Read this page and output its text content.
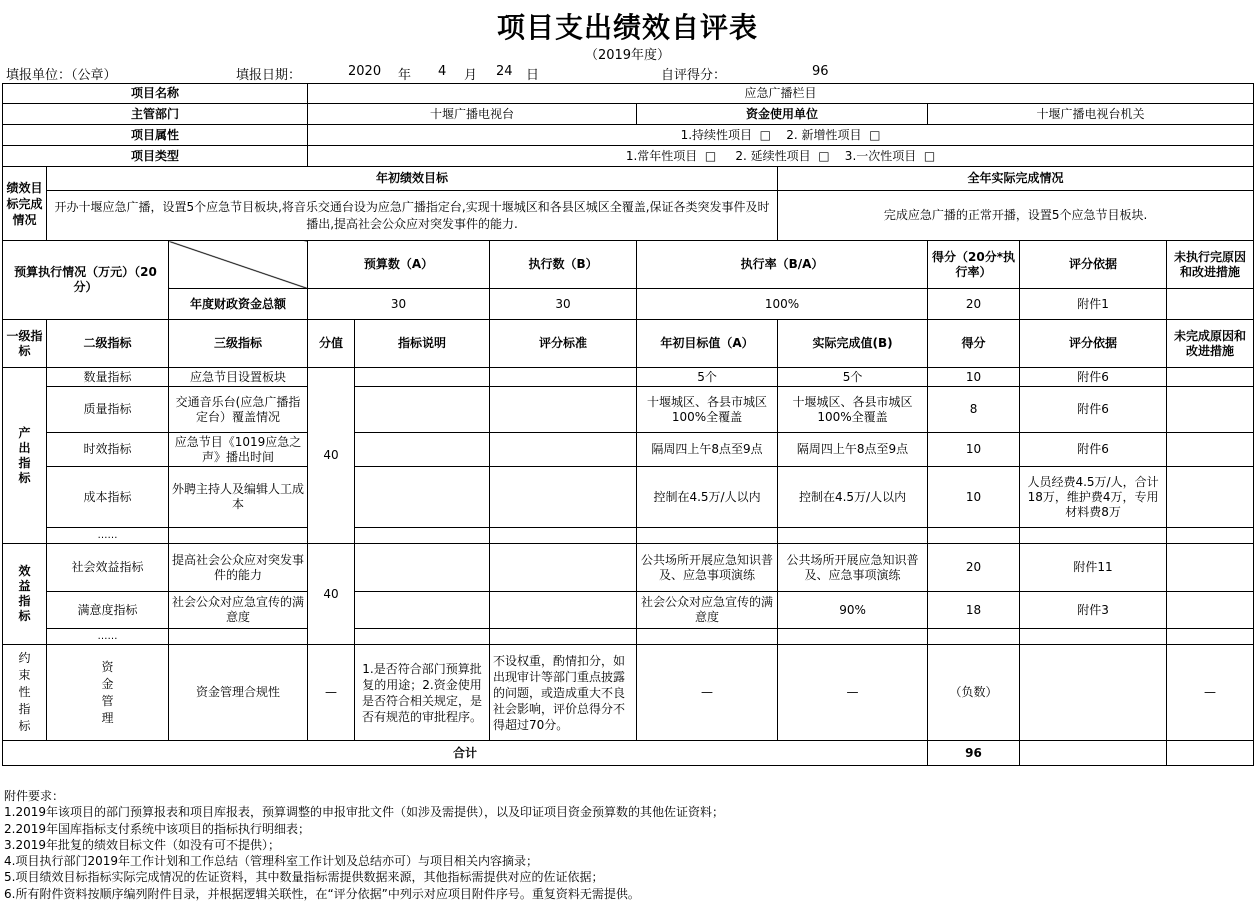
项目支出绩效自评表
（2019年度）
填报单位：（公章）	填报日期：	2020 年 4 月 24 日	自评得分：	96
项目名称			应急广播栏目							
主管部门			十堰广播电视台			资金使用单位		十堰广播电视台机关		
项目属性			1.持续性项目  □    2. 新增性项目  □							
项目类型			1.常年性项目  □     2. 延续性项目  □    3.一次性项目  □							
绩效目标完成情况	年初绩效目标						全年实际完成情况			
	开办十堰应急广播，设置5个应急节目板块,将音乐交通台设为应急广播指定台,实现十堰城区和各县区城区全覆盖,保证各类突发事件及时播出,提高社会公众应对突发事件的能力.						完成应急广播的正常开播，设置5个应急节目板块.			
预算执行情况（万元）（20分）			预算数（A）		执行数（B）	执行率（B/A）		得分（20分*执行率）	评分依据	未执行完原因和改进措施
		年度财政资金总额	30		30	100%		20	附件1	
一级指标	二级指标	三级指标	分值	指标说明	评分标准	年初目标值（A）	实际完成值(B)	得分	评分依据	未完成原因和改进措施
产出指标	数量指标	应急节目设置板块	40			5个	5个	10	附件6	
	质量指标	交通音乐台(应急广播指定台）覆盖情况				十堰城区、各县市城区100%全覆盖	十堰城区、各县市城区100%全覆盖	8	附件6	
	时效指标	应急节目《1019应急之声》播出时间				隔周四上午8点至9点	隔周四上午8点至9点	10	附件6	
	成本指标	外聘主持人及编辑人工成本				控制在4.5万/人以内	控制在4.5万/人以内	10	人员经费4.5万/人，合计18万，维护费4万，专用材料费8万	
	……									
效益指标	社会效益指标	提高社会公众应对突发事件的能力	40			公共场所开展应急知识普及、应急事项演练	公共场所开展应急知识普及、应急事项演练	20	附件11	
	满意度指标	社会公众对应急宣传的满意度				社会公众对应急宣传的满意度	90%	18	附件3	
	……									
约束性指标	资金管理	资金管理合规性	—	1.是否符合部门预算批复的用途；2.资金使用是否符合相关规定，是否有规范的审批程序。	不设权重，酌情扣分，如出现审计等部门重点披露的问题，或造成重大不良社会影响，评价总得分不得超过70分。	—	—	（负数）		—
合计								96		
附件要求：
1.2019年该项目的部门预算报表和项目库报表，预算调整的申报审批文件（如涉及需提供），以及印证项目资金预算数的其他佐证资料；
2.2019年国库指标支付系统中该项目的指标执行明细表；
3.2019年批复的绩效目标文件（如没有可不提供）；
4.项目执行部门2019年工作计划和工作总结（管理科室工作计划及总结亦可）与项目相关内容摘录；
5.项目绩效目标指标实际完成情况的佐证资料，其中数量指标需提供数据来源，其他指标需提供对应的佐证依据；
6.所有附件资料按顺序编列附件目录，并根据逻辑关联性，在“评分依据”中列示对应项目附件序号。重复资料无需提供。
